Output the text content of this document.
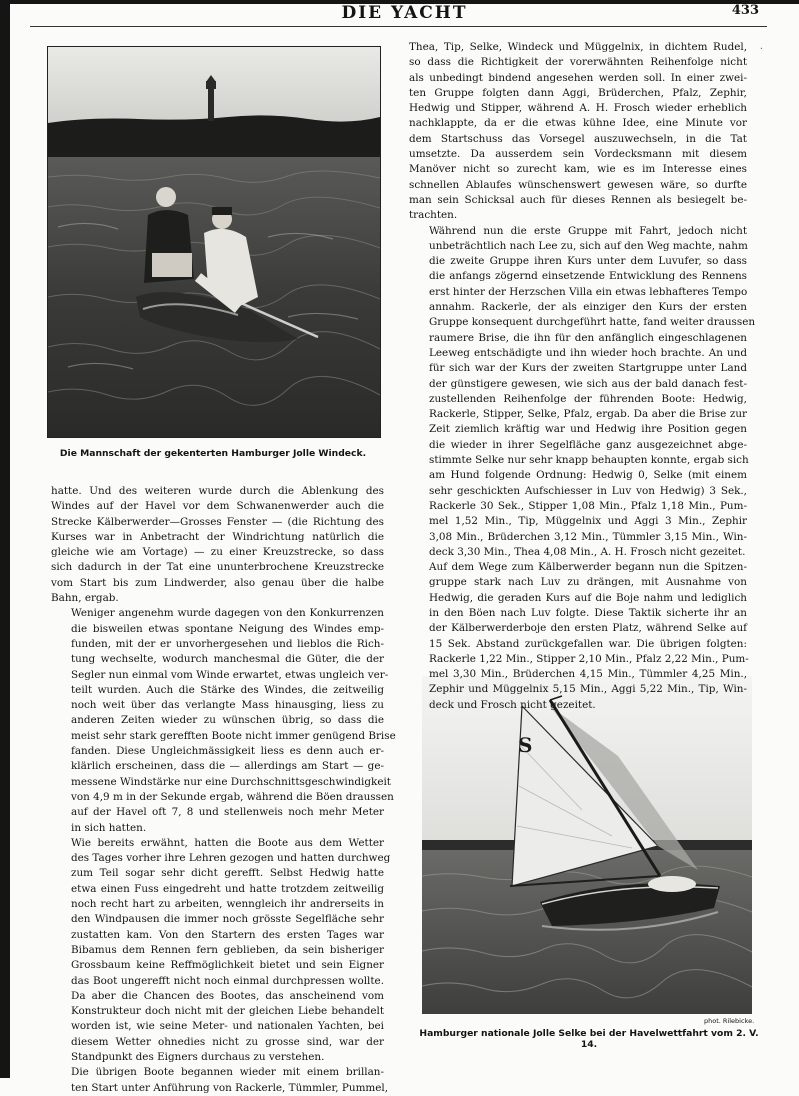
DIE YACHT	433
·
Die Mannschaft der gekenterten Hamburger Jolle Windeck.
S
phot. Rilebicke.
Hamburger nationale Jolle Selke bei der Havelwettfahrt vom 2. V. 14.

Thea, Tip, Selke, Windeck und Müggelnix, in dichtem Rudel,
so dass die Richtigkeit der vorerwähnten Reihenfolge nicht
als unbedingt bindend angesehen werden soll. In einer zwei-
ten Gruppe folgten dann Aggi, Brüderchen, Pfalz, Zephir,
Hedwig und Stipper, während A. H. Frosch wieder erheblich
nachklappte, da er die etwas kühne Idee, eine Minute vor
dem Startschuss das Vorsegel auszuwechseln, in die Tat
umsetzte. Da ausserdem sein Vordecksmann mit diesem
Manöver nicht so zurecht kam, wie es im Interesse eines
schnellen Ablaufes wünschenswert gewesen wäre, so durfte
man sein Schicksal auch für dieses Rennen als besiegelt be-
trachten.

Während nun die erste Gruppe mit Fahrt, jedoch nicht
unbeträchtlich nach Lee zu, sich auf den Weg machte, nahm
die zweite Gruppe ihren Kurs unter dem Luvufer, so dass
die anfangs zögernd einsetzende Entwicklung des Rennens
erst hinter der Herzschen Villa ein etwas lebhafteres Tempo
annahm. Rackerle, der als einziger den Kurs der ersten
Gruppe konsequent durchgeführt hatte, fand weiter draussen
raumere Brise, die ihn für den anfänglich eingeschlagenen
Leeweg entschädigte und ihn wieder hoch brachte. An und
für sich war der Kurs der zweiten Startgruppe unter Land
der günstigere gewesen, wie sich aus der bald danach fest-
zustellenden Reihenfolge der führenden Boote: Hedwig,
Rackerle, Stipper, Selke, Pfalz, ergab. Da aber die Brise zur
Zeit ziemlich kräftig war und Hedwig ihre Position gegen
die wieder in ihrer Segelfläche ganz ausgezeichnet abge-
stimmte Selke nur sehr knapp behaupten konnte, ergab sich
am Hund folgende Ordnung: Hedwig 0, Selke (mit einem
sehr geschickten Aufschiesser in Luv von Hedwig) 3 Sek.,
Rackerle 30 Sek., Stipper 1,08 Min., Pfalz 1,18 Min., Pum-
mel 1,52 Min., Tip, Müggelnix und Aggi 3 Min., Zephir
3,08 Min., Brüderchen 3,12 Min., Tümmler 3,15 Min., Win-
deck 3,30 Min., Thea 4,08 Min., A. H. Frosch nicht gezeitet.

Auf dem Wege zum Kälberwerder begann nun die Spitzen-
gruppe stark nach Luv zu drängen, mit Ausnahme von
Hedwig, die geraden Kurs auf die Boje nahm und lediglich
in den Böen nach Luv folgte. Diese Taktik sicherte ihr an
der Kälberwerderboje den ersten Platz, während Selke auf
15 Sek. Abstand zurückgefallen war. Die übrigen folgten:
Rackerle 1,22 Min., Stipper 2,10 Min., Pfalz 2,22 Min., Pum-
mel 3,30 Min., Brüderchen 4,15 Min., Tümmler 4,25 Min.,
Zephir und Müggelnix 5,15 Min., Aggi 5,22 Min., Tip, Win-
deck und Frosch nicht gezeitet.

hatte. Und des weiteren wurde durch die Ablenkung des
Windes auf der Havel vor dem Schwanenwerder auch die
Strecke Kälberwerder—Grosses Fenster — (die Richtung des
Kurses war in Anbetracht der Windrichtung natürlich die
gleiche wie am Vortage) — zu einer Kreuzstrecke, so dass
sich dadurch in der Tat eine ununterbrochene Kreuzstrecke
vom Start bis zum Lindwerder, also genau über die halbe
Bahn, ergab.

Weniger angenehm wurde dagegen von den Konkurrenzen
die bisweilen etwas spontane Neigung des Windes emp-
funden, mit der er unvorhergesehen und lieblos die Rich-
tung wechselte, wodurch manchesmal die Güter, die der
Segler nun einmal vom Winde erwartet, etwas ungleich ver-
teilt wurden. Auch die Stärke des Windes, die zeitweilig
noch weit über das verlangte Mass hinausging, liess zu
anderen Zeiten wieder zu wünschen übrig, so dass die
meist sehr stark gerefften Boote nicht immer genügend Brise
fanden. Diese Ungleichmässigkeit liess es denn auch er-
klärlich erscheinen, dass die — allerdings am Start — ge-
messene Windstärke nur eine Durchschnittsgeschwindigkeit
von 4,9 m in der Sekunde ergab, während die Böen draussen
auf der Havel oft 7, 8 und stellenweis noch mehr Meter
in sich hatten.

Wie bereits erwähnt, hatten die Boote aus dem Wetter
des Tages vorher ihre Lehren gezogen und hatten durchweg
zum Teil sogar sehr dicht gerefft. Selbst Hedwig hatte
etwa einen Fuss eingedreht und hatte trotzdem zeitweilig
noch recht hart zu arbeiten, wenngleich ihr andrerseits in
den Windpausen die immer noch grösste Segelfläche sehr
zustatten kam. Von den Startern des ersten Tages war
Bibamus dem Rennen fern geblieben, da sein bisheriger
Grossbaum keine Reffmöglichkeit bietet und sein Eigner
das Boot ungerefft nicht noch einmal durchpressen wollte.
Da aber die Chancen des Bootes, das anscheinend vom
Konstrukteur doch nicht mit der gleichen Liebe behandelt
worden ist, wie seine Meter- und nationalen Yachten, bei
diesem Wetter ohnedies nicht zu grosse sind, war der
Standpunkt des Eigners durchaus zu verstehen.

Die übrigen Boote begannen wieder mit einem brillan-
ten Start unter Anführung von Rackerle, Tümmler, Pummel,
